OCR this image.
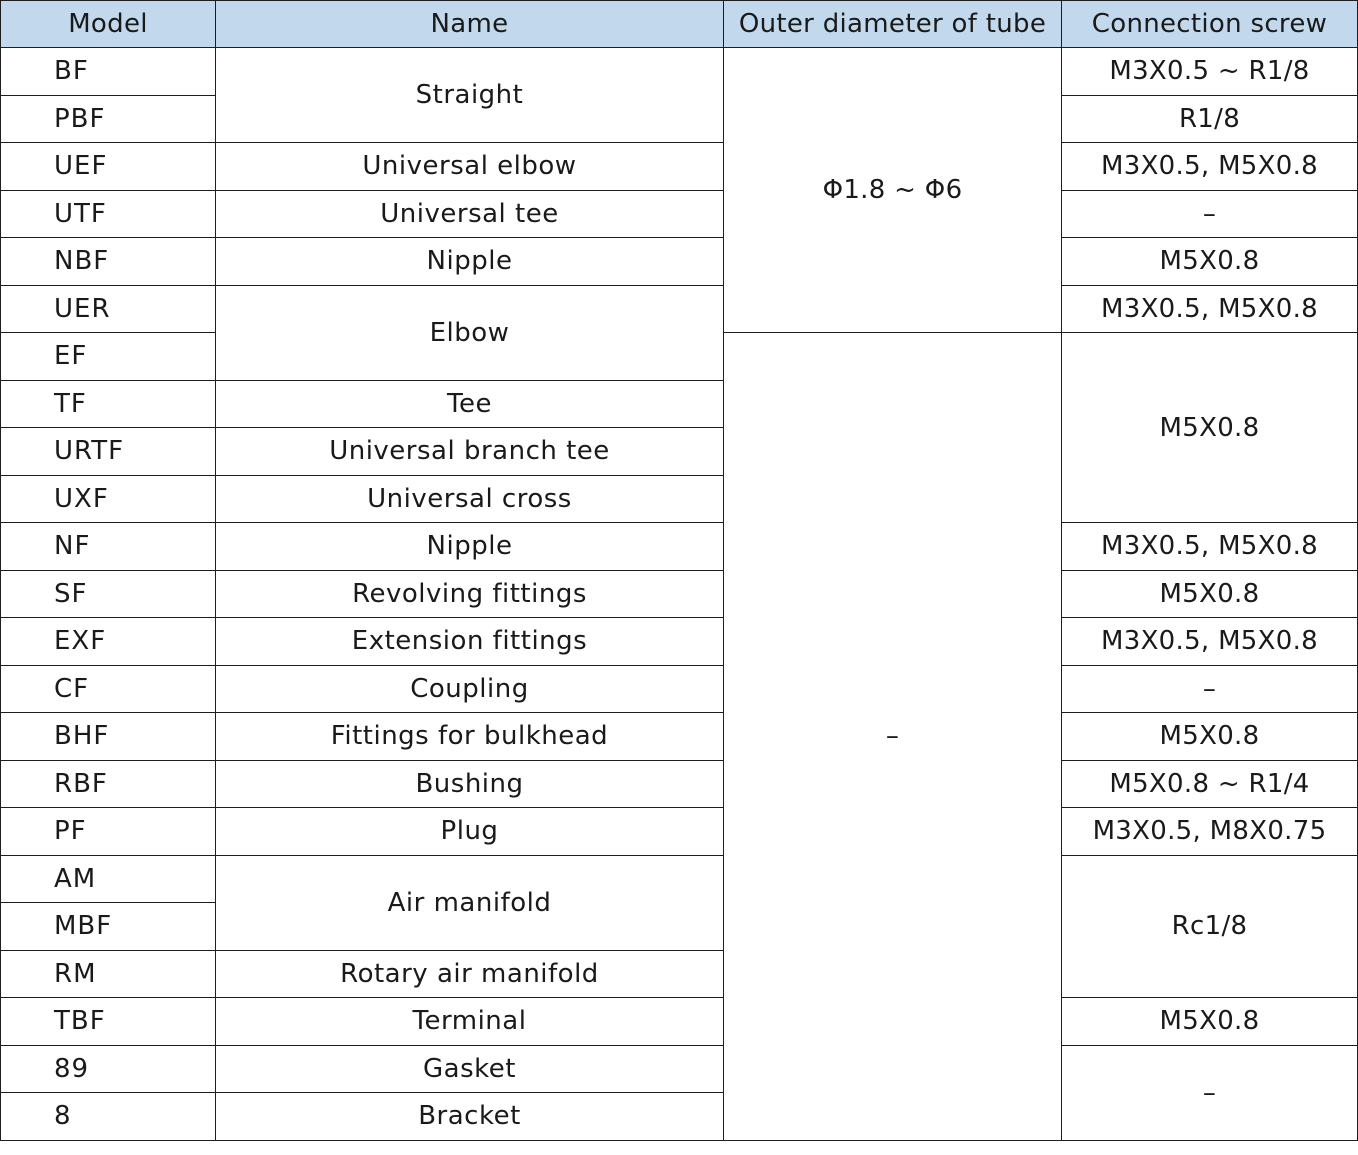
Model	Name	Outer diameter of tube	Connection screw
BF	Straight	Φ1.8 ~ Φ6	M3X0.5 ~ R1/8
PBF			R1/8
UEF	Universal elbow		M3X0.5, M5X0.8
UTF	Universal tee		–
NBF	Nipple		M5X0.8
UER	Elbow		M3X0.5, M5X0.8
EF		–	M5X0.8
TF	Tee		
URTF	Universal branch tee		
UXF	Universal cross		
NF	Nipple		M3X0.5, M5X0.8
SF	Revolving fittings		M5X0.8
EXF	Extension fittings		M3X0.5, M5X0.8
CF	Coupling		–
BHF	Fittings for bulkhead		M5X0.8
RBF	Bushing		M5X0.8 ~ R1/4
PF	Plug		M3X0.5, M8X0.75
AM	Air manifold		Rc1/8
MBF			
RM	Rotary air manifold		
TBF	Terminal		M5X0.8
89	Gasket		–
8	Bracket		
